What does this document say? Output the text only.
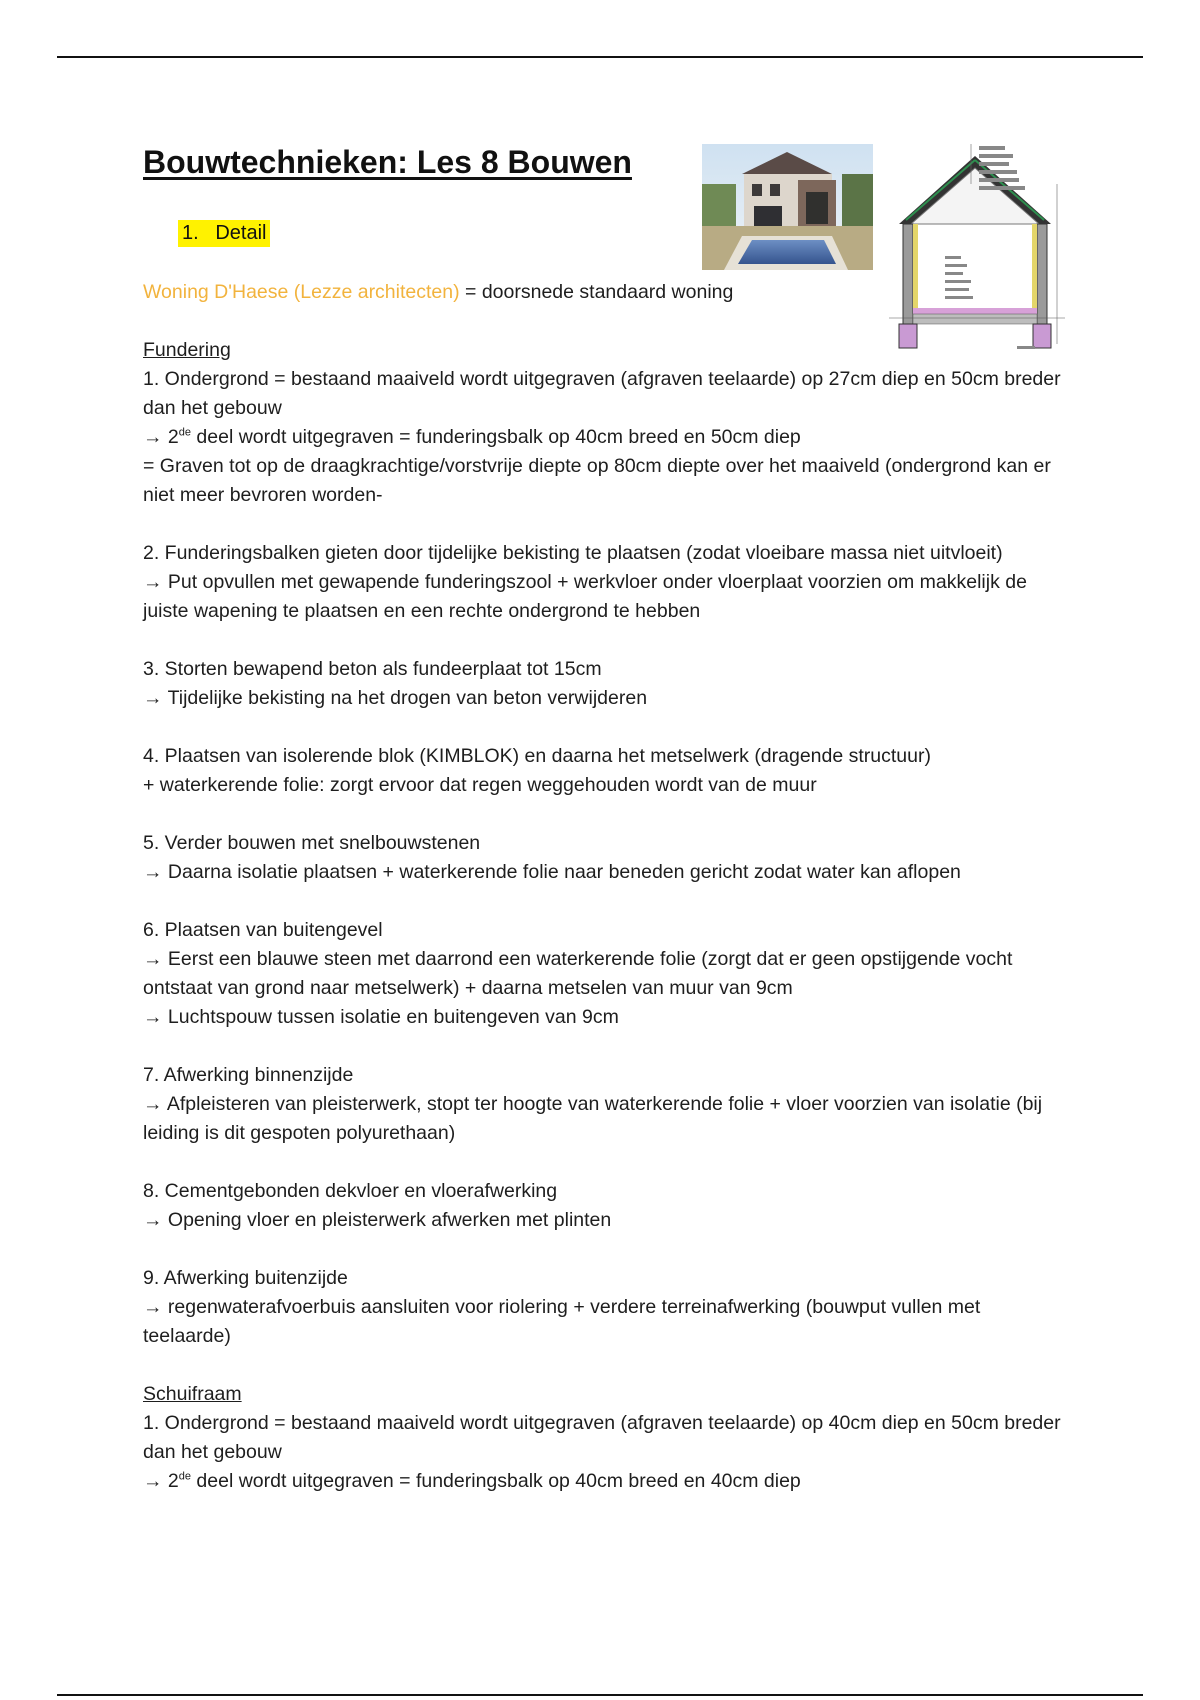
Bouwtechnieken: Les 8 Bouwen
1.   Detail

Woning D'Haese (Lezze architecten) = doorsnede standaard woning

Fundering

1. Ondergrond = bestaand maaiveld wordt uitgegraven (afgraven teelaarde) op 27cm diep en 50cm breder dan het gebouw

→ 2de deel wordt uitgegraven = funderingsbalk op 40cm breed en 50cm diep

= Graven tot op de draagkrachtige/vorstvrije diepte op 80cm diepte over het maaiveld (ondergrond kan er niet meer bevroren worden-

2. Funderingsbalken gieten door tijdelijke bekisting te plaatsen (zodat vloeibare massa niet uitvloeit)

→ Put opvullen met gewapende funderingszool + werkvloer onder vloerplaat voorzien om makkelijk de juiste wapening te plaatsen en een rechte ondergrond te hebben

3. Storten bewapend beton als fundeerplaat tot 15cm

→ Tijdelijke bekisting na het drogen van beton verwijderen

4. Plaatsen van isolerende blok (KIMBLOK) en daarna het metselwerk (dragende structuur)

+ waterkerende folie: zorgt ervoor dat regen weggehouden wordt van de muur

5. Verder bouwen met snelbouwstenen

→ Daarna isolatie plaatsen + waterkerende folie naar beneden gericht zodat water kan aflopen

6. Plaatsen van buitengevel

→ Eerst een blauwe steen met daarrond een waterkerende folie (zorgt dat er geen opstijgende vocht ontstaat van grond naar metselwerk) + daarna metselen van muur van 9cm

→ Luchtspouw tussen isolatie en buitengeven van 9cm

7. Afwerking binnenzijde

→ Afpleisteren van pleisterwerk, stopt ter hoogte van waterkerende folie + vloer voorzien van isolatie (bij leiding is dit gespoten polyurethaan)

8. Cementgebonden dekvloer en vloerafwerking

→ Opening vloer en pleisterwerk afwerken met plinten

9. Afwerking buitenzijde

→ regenwaterafvoerbuis aansluiten voor riolering + verdere terreinafwerking (bouwput vullen met teelaarde)

Schuifraam

1. Ondergrond = bestaand maaiveld wordt uitgegraven (afgraven teelaarde) op 40cm diep en 50cm breder dan het gebouw

→ 2de deel wordt uitgegraven = funderingsbalk op 40cm breed en 40cm diep
